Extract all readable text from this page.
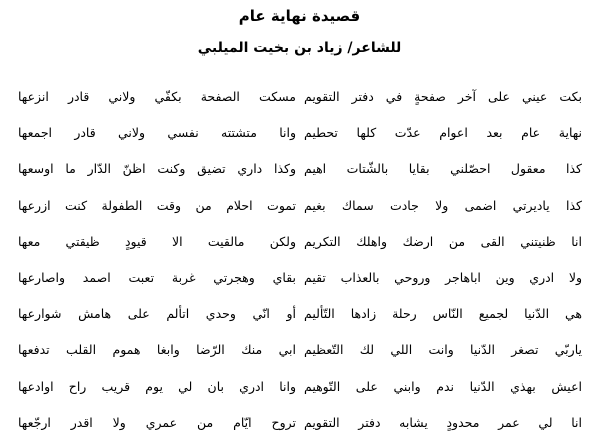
قصيدة نهاية عام
للشاعر/ زياد بن بخيت الميلبي
بكت عيني على آخر صفحةٍ في دفتر التقويم
نهاية عام بعد اعوام عدّت كلها تحطيم
كذا معقول احصّلني بقايا بالشّتات اهيم
كذا ياديرتي اضمى ولا جادت سماك بغيم
انا ظنيتني القى من ارضك واهلك التكريم
ولا ادري وين اباهاجر وروحي بالعذاب تقيم
هي الدّنيا لجميع النّاس رحلة زادها التّأليم
ياربّي تصغر الدّنيا وانت اللي لك التّعظيم
اعيش بهذي الدّنيا ندم وابني على التّوهيم
انا لي عمر محدودٍ يشابه دفتر التقويم
مسكت الصفحة بكفّي ولاني قادر انزعها
وانا متشتته نفسي ولاني قادر اجمعها
وكذا داري تضيق وكنت اظنّ الدّار ما اوسعها
تموت احلام من وقت الطفولة كنت ازرعها
ولكن مالقيت الا قيودٍ ظيقتي معها
بقاي وهجرتي غربة تعبت اصمد واصارعها
أو انّي وحدي اتألم على هامش شوارعها
ابي منك الرّضا وابغا هموم القلب تدفعها
وانا ادري بان لي يوم قريب راح اوادعها
تروح ايّام من عمري ولا اقدر ارجّعها
